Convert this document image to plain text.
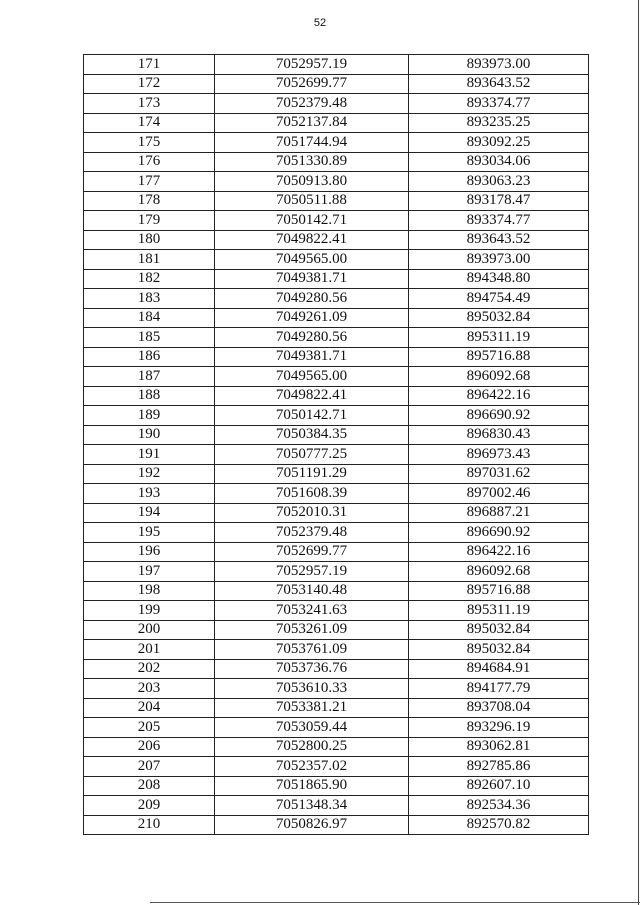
52
171	7052957.19	893973.00
172	7052699.77	893643.52
173	7052379.48	893374.77
174	7052137.84	893235.25
175	7051744.94	893092.25
176	7051330.89	893034.06
177	7050913.80	893063.23
178	7050511.88	893178.47
179	7050142.71	893374.77
180	7049822.41	893643.52
181	7049565.00	893973.00
182	7049381.71	894348.80
183	7049280.56	894754.49
184	7049261.09	895032.84
185	7049280.56	895311.19
186	7049381.71	895716.88
187	7049565.00	896092.68
188	7049822.41	896422.16
189	7050142.71	896690.92
190	7050384.35	896830.43
191	7050777.25	896973.43
192	7051191.29	897031.62
193	7051608.39	897002.46
194	7052010.31	896887.21
195	7052379.48	896690.92
196	7052699.77	896422.16
197	7052957.19	896092.68
198	7053140.48	895716.88
199	7053241.63	895311.19
200	7053261.09	895032.84
201	7053761.09	895032.84
202	7053736.76	894684.91
203	7053610.33	894177.79
204	7053381.21	893708.04
205	7053059.44	893296.19
206	7052800.25	893062.81
207	7052357.02	892785.86
208	7051865.90	892607.10
209	7051348.34	892534.36
210	7050826.97	892570.82
